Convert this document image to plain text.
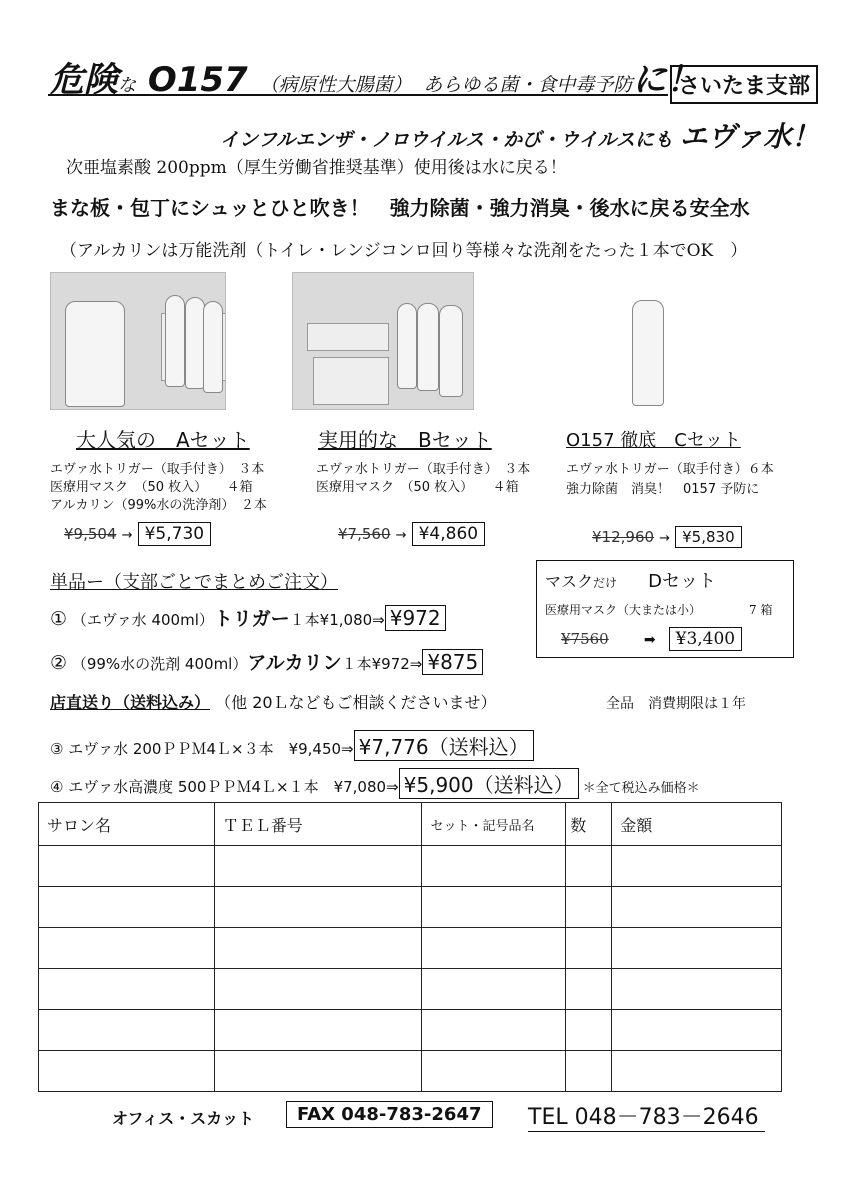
危険な O157 （病原性大腸菌） あらゆる菌・食中毒予防に！
さいたま支部
インフルエンザ・ノロウイルス・かび・ウイルスにも エヴァ水！
次亜塩素酸 200ppm（厚生労働省推奨基準）使用後は水に戻る！
まな板・包丁にシュッとひと吹き！　強力除菌・強力消臭・後水に戻る安全水
（アルカリンは万能洗剤（トイレ・レンジコンロ回り等様々な洗剤をたった１本でOK　）
大人気の　Aセット
エヴァ水トリガー（取手付き）　３本
医療用マスク　（50 枚入）　　４箱
アルカリン（99%水の洗浄剤）　２本
¥9,504 → ¥5,730
実用的な　Bセット
エヴァ水トリガー（取手付き）　３本
医療用マスク　（50 枚入）　　４箱
¥7,560 → ¥4,860
O157 徹底　Cセット
エヴァ水トリガー（取手付き）６本
強力除菌　消臭！　0157 予防に
¥12,960 → ¥5,830
単品ー（支部ごとでまとめご注文）
① （エヴァ水 400ml）トリガー１本¥1,080⇒ ¥972
② （99%水の洗剤 400ml）アルカリン１本¥972⇒ ¥875
マスクだけ Dセット
医療用マスク（大または小）	7 箱
¥7560	➡ ¥3,400
店直送り（送料込み） （他 20Ｌなどもご相談くださいませ）	全品　消費期限は１年
③ エヴァ水 200ＰＰＭ4Ｌ×３本　¥9,450⇒ ¥7,776（送料込）
④ エヴァ水高濃度 500ＰＰＭ4Ｌ×１本　¥7,080⇒ ¥5,900（送料込） ＊全て税込み価格＊
サロン名	ＴＥＬ番号	セット・記号品名	数	金額

オフィス・スカット	FAX 048-783-2647	TEL 048－783－2646
